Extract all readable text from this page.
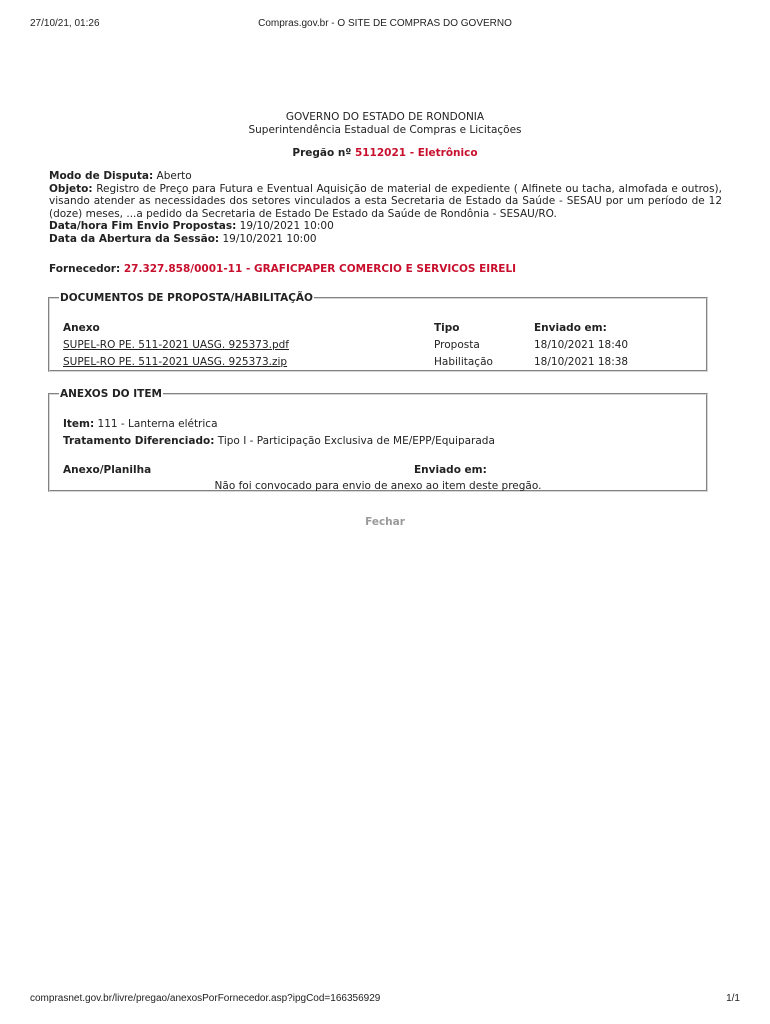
27/10/21, 01:26	Compras.gov.br - O SITE DE COMPRAS DO GOVERNO
GOVERNO DO ESTADO DE RONDONIA
Superintendência Estadual de Compras e Licitações
Pregão nº 5112021 - Eletrônico
Modo de Disputa: Aberto
Objeto: Registro de Preço para Futura e Eventual Aquisição de material de expediente ( Alfinete ou tacha, almofada e outros), visando atender as necessidades dos setores vinculados a esta Secretaria de Estado da Saúde - SESAU por um período de 12 (doze) meses, ...a pedido da Secretaria de Estado De Estado da Saúde de Rondônia - SESAU/RO.
Data/hora Fim Envio Propostas: 19/10/2021 10:00
Data da Abertura da Sessão: 19/10/2021 10:00
Fornecedor: 27.327.858/0001-11 - GRAFICPAPER COMERCIO E SERVICOS EIRELI
DOCUMENTOS DE PROPOSTA/HABILITAÇÃO
Anexo	Tipo	Enviado em:
SUPEL-RO PE. 511-2021 UASG. 925373.pdf	Proposta	18/10/2021 18:40
SUPEL-RO PE. 511-2021 UASG. 925373.zip	Habilitação	18/10/2021 18:38
ANEXOS DO ITEM
Item: 111 - Lanterna elétrica
Tratamento Diferenciado: Tipo I - Participação Exclusiva de ME/EPP/Equiparada
Anexo/Planilha	Enviado em:
Não foi convocado para envio de anexo ao item deste pregão.
Fechar
comprasnet.gov.br/livre/pregao/anexosPorFornecedor.asp?ipgCod=166356929	1/1
